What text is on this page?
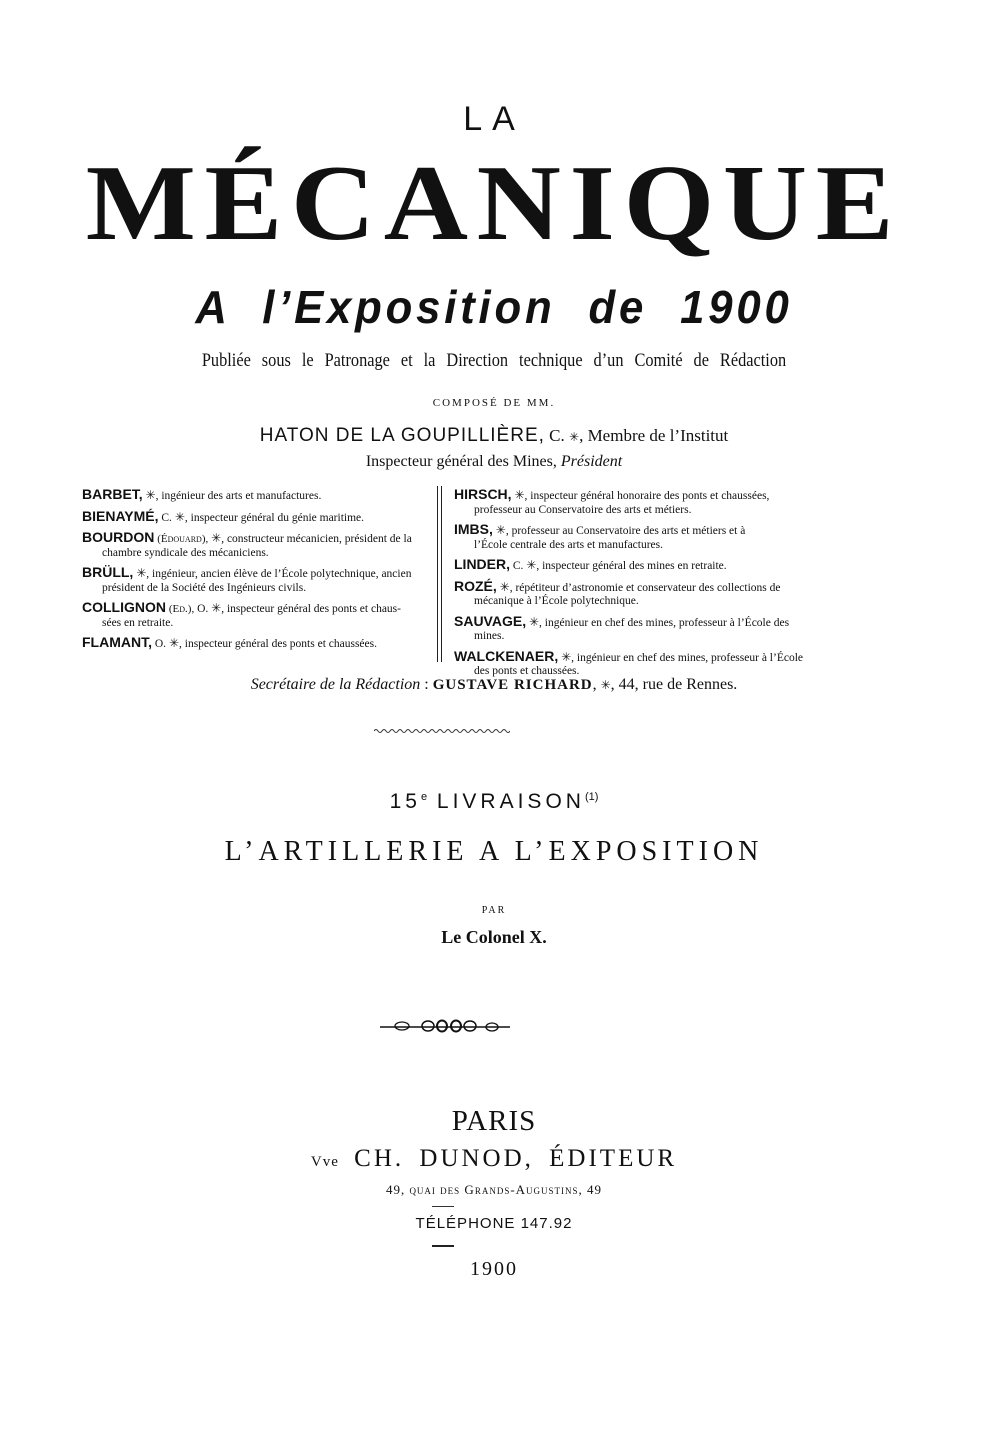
LA
MÉCANIQUE
A l’Exposition de 1900
Publiée sous le Patronage et la Direction technique d’un Comité de Rédaction
COMPOSÉ DE MM.
HATON DE LA GOUPILLIÈRE, C. ✳, Membre de l’Institut
Inspecteur général des Mines, Président
BARBET, ✳, ingénieur des arts et manufactures.
BIENAYMÉ, C. ✳, inspecteur général du génie maritime.
BOURDON (Édouard), ✳, constructeur mécanicien, président de la
chambre syndicale des mécaniciens.
BRÜLL, ✳, ingénieur, ancien élève de l’École polytechnique, ancien
président de la Société des Ingénieurs civils.
COLLIGNON (Ed.), O. ✳, inspecteur général des ponts et chaus-
sées en retraite.
FLAMANT, O. ✳, inspecteur général des ponts et chaussées.
HIRSCH, ✳, inspecteur général honoraire des ponts et chaussées,
professeur au Conservatoire des arts et métiers.
IMBS, ✳, professeur au Conservatoire des arts et métiers et à
l’École centrale des arts et manufactures.
LINDER, C. ✳, inspecteur général des mines en retraite.
ROZÉ, ✳, répétiteur d’astronomie et conservateur des collections de
mécanique à l’École polytechnique.
SAUVAGE, ✳, ingénieur en chef des mines, professeur à l’École des
mines.
WALCKENAER, ✳, ingénieur en chef des mines, professeur à l’École
des ponts et chaussées.
Secrétaire de la Rédaction : GUSTAVE RICHARD, ✳, 44, rue de Rennes.
15e LIVRAISON$^{(1)}$
L’ARTILLERIE A L’EXPOSITION
PAR
Le Colonel X.
PARIS
Vve CH. DUNOD, ÉDITEUR
49, quai des Grands-Augustins, 49
TÉLÉPHONE 147.92
1900
